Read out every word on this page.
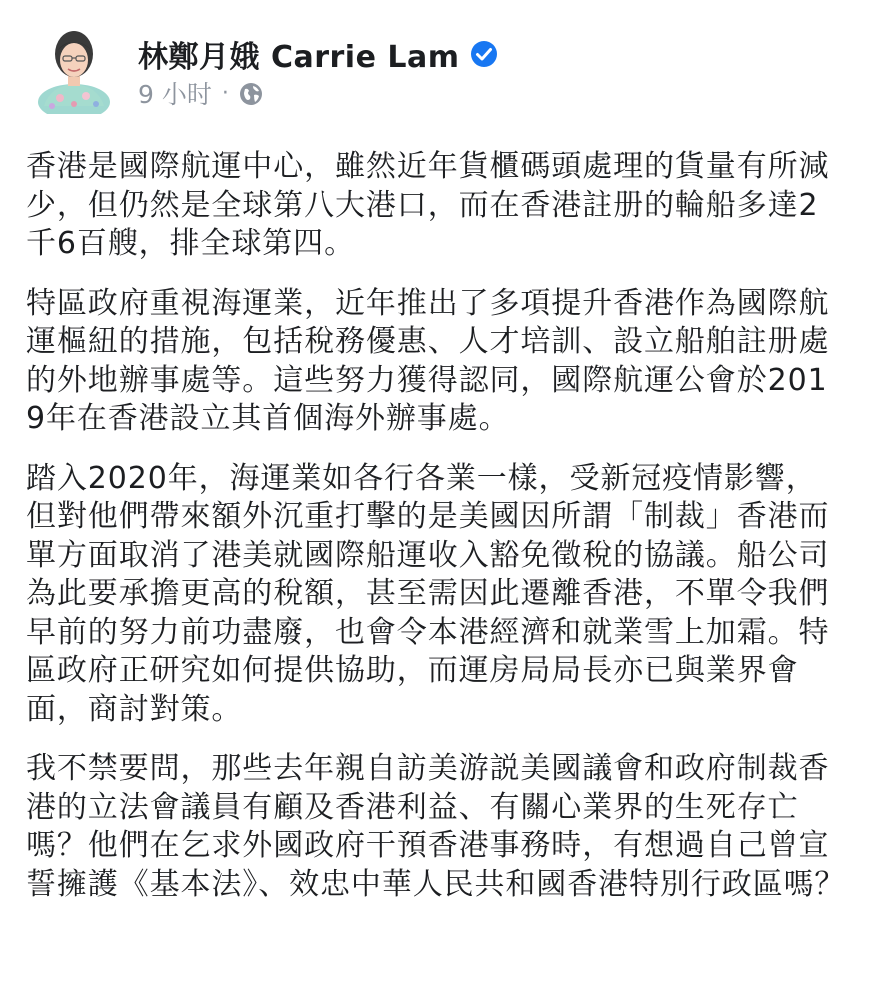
林鄭月娥 Carrie Lam
9 小时 ·

香港是國際航運中心，雖然近年貨櫃碼頭處理的貨量有所減少，但仍然是全球第八大港口，而在香港註册的輪船多達2千6百艘，排全球第四。

特區政府重視海運業，近年推出了多項提升香港作為國際航運樞紐的措施，包括稅務優惠、人才培訓、設立船舶註册處的外地辦事處等。這些努力獲得認同，國際航運公會於2019年在香港設立其首個海外辦事處。

踏入2020年，海運業如各行各業一樣，受新冠疫情影響，但對他們帶來額外沉重打擊的是美國因所謂「制裁」香港而單方面取消了港美就國際船運收入豁免徵稅的協議。船公司為此要承擔更高的稅額，甚至需因此遷離香港，不單令我們早前的努力前功盡廢，也會令本港經濟和就業雪上加霜。特區政府正研究如何提供協助，而運房局局長亦已與業界會面，商討對策。

我不禁要問，那些去年親自訪美游説美國議會和政府制裁香港的立法會議員有顧及香港利益、有關心業界的生死存亡嗎？他們在乞求外國政府干預香港事務時，有想過自己曾宣誓擁護《基本法》、效忠中華人民共和國香港特別行政區嗎？
